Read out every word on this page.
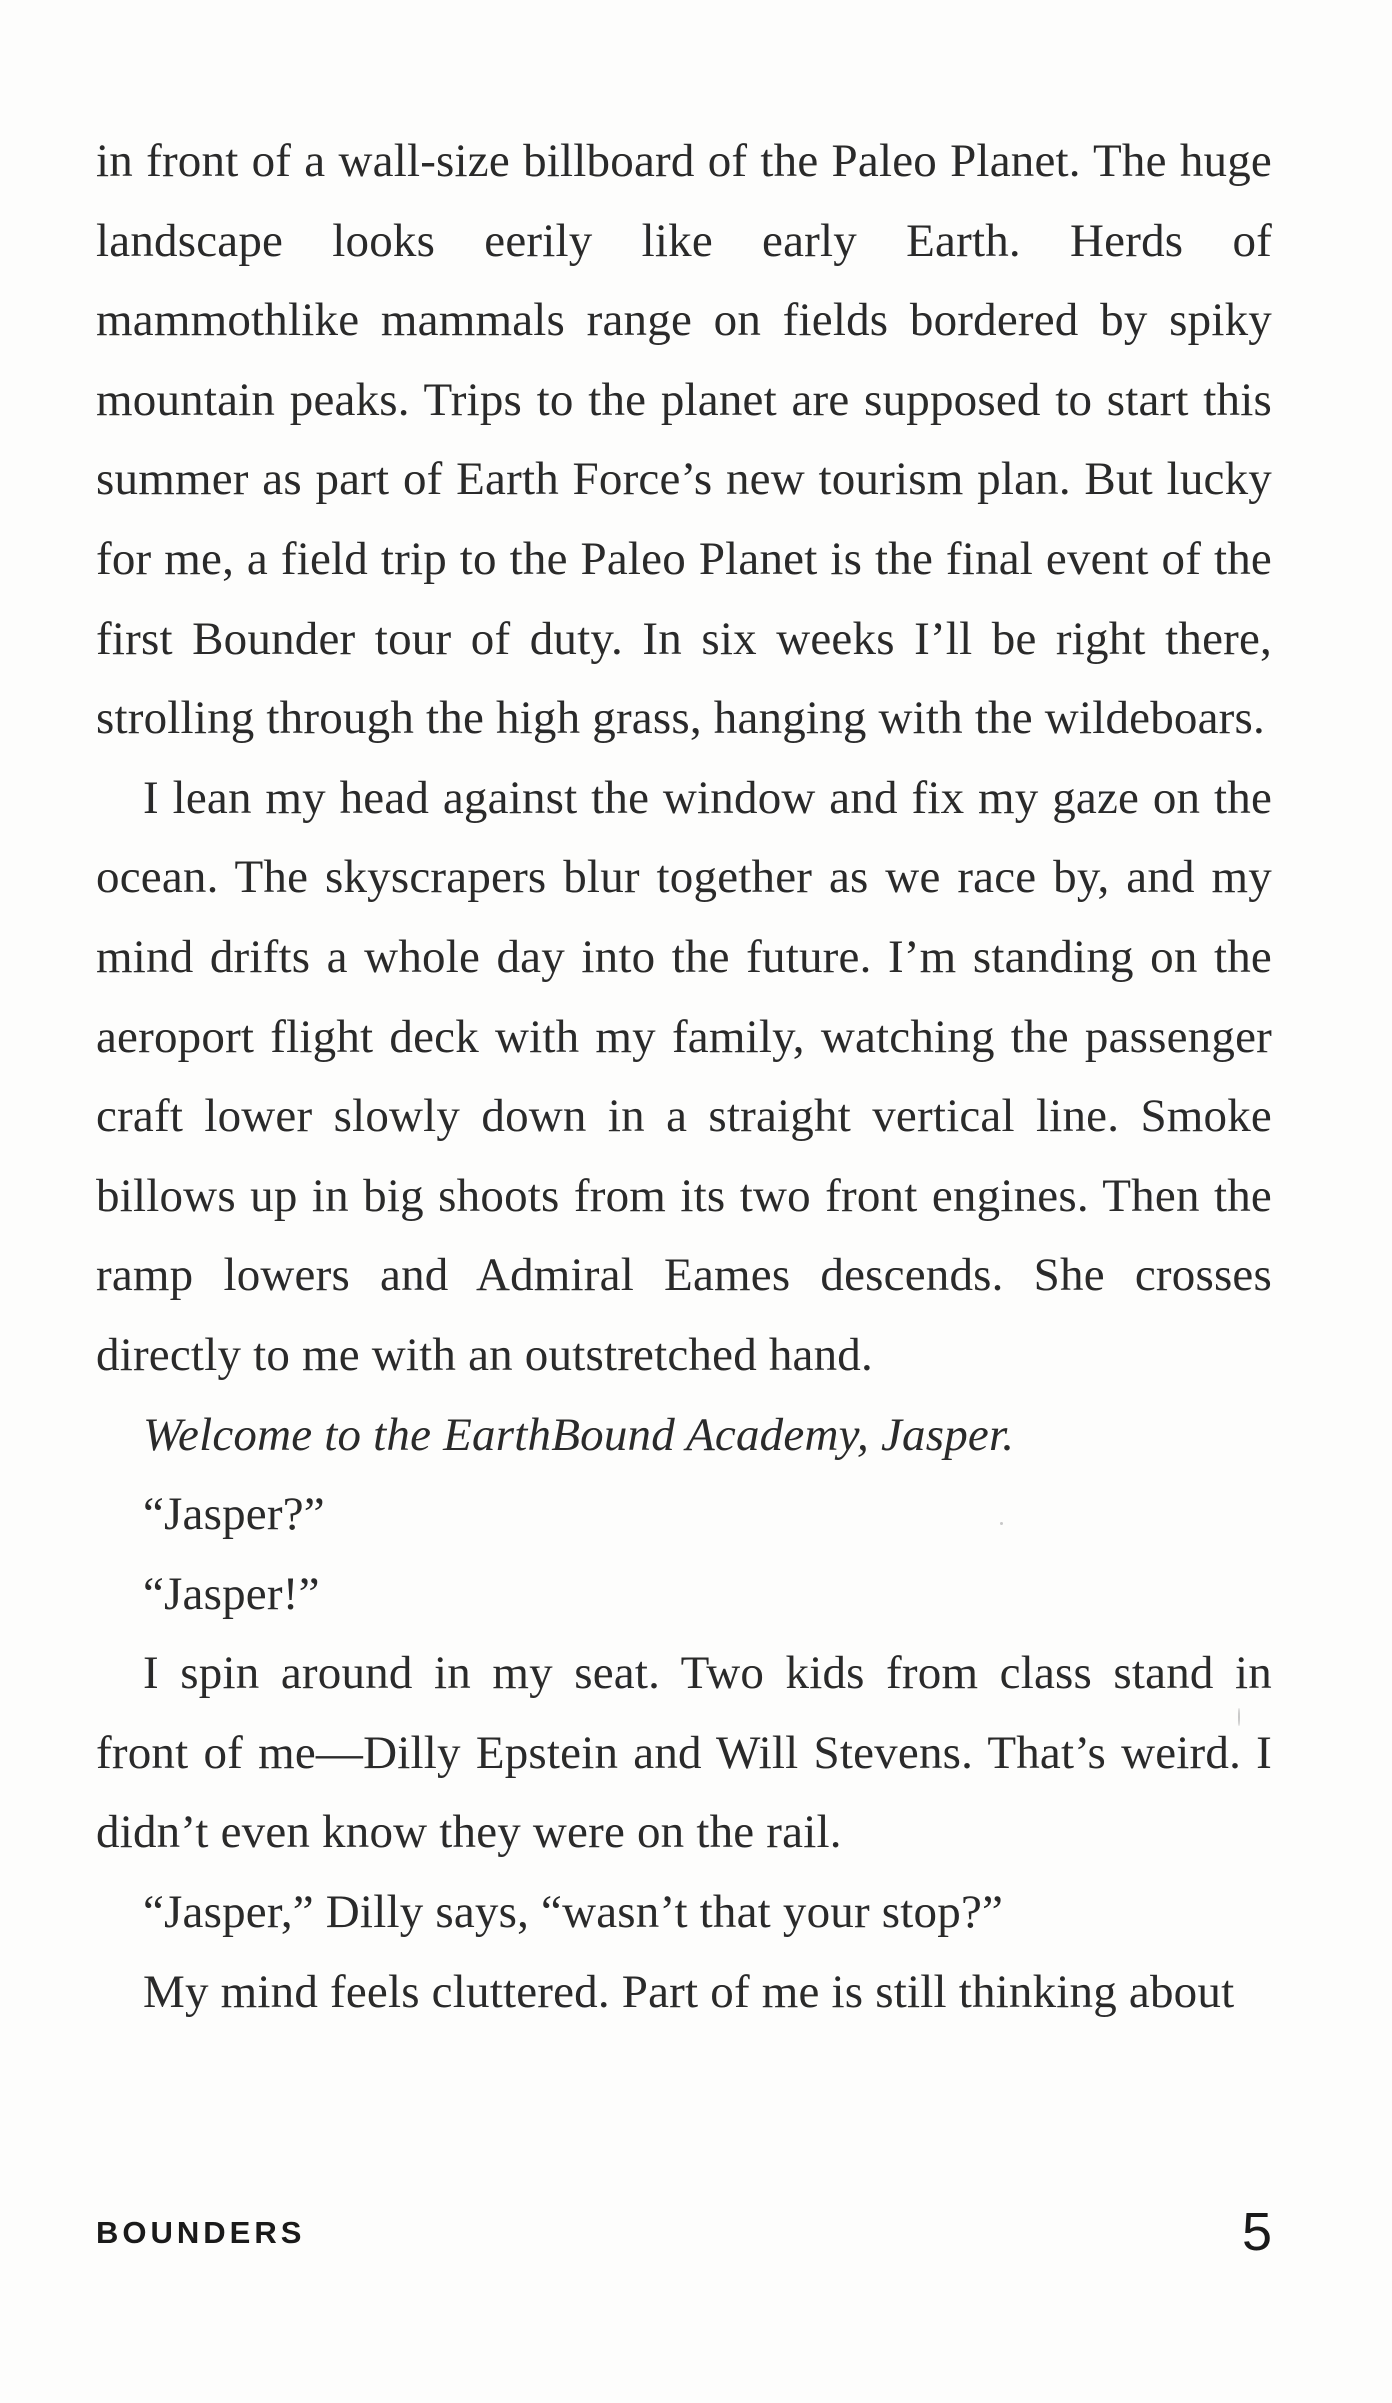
in front of a wall-size billboard of the Paleo Planet. The huge landscape looks eerily like early Earth. Herds of mammothlike mammals range on fields bordered by spiky mountain peaks. Trips to the planet are supposed to start this summer as part of Earth Force’s new tourism plan. But lucky for me, a field trip to the Paleo Planet is the final event of the first Bounder tour of duty. In six weeks I’ll be right there, strolling through the high grass, hanging with the wildeboars.

I lean my head against the window and fix my gaze on the ocean. The skyscrapers blur together as we race by, and my mind drifts a whole day into the future. I’m standing on the aeroport flight deck with my family, watching the passenger craft lower slowly down in a straight vertical line. Smoke billows up in big shoots from its two front engines. Then the ramp lowers and Admiral Eames descends. She crosses directly to me with an outstretched hand.

Welcome to the EarthBound Academy, Jasper.

“Jasper?”

“Jasper!”

I spin around in my seat. Two kids from class stand in front of me—Dilly Epstein and Will Stevens. That’s weird. I didn’t even know they were on the rail.

“Jasper,” Dilly says, “wasn’t that your stop?”

My mind feels cluttered. Part of me is still thinking about

BOUNDERS	5
